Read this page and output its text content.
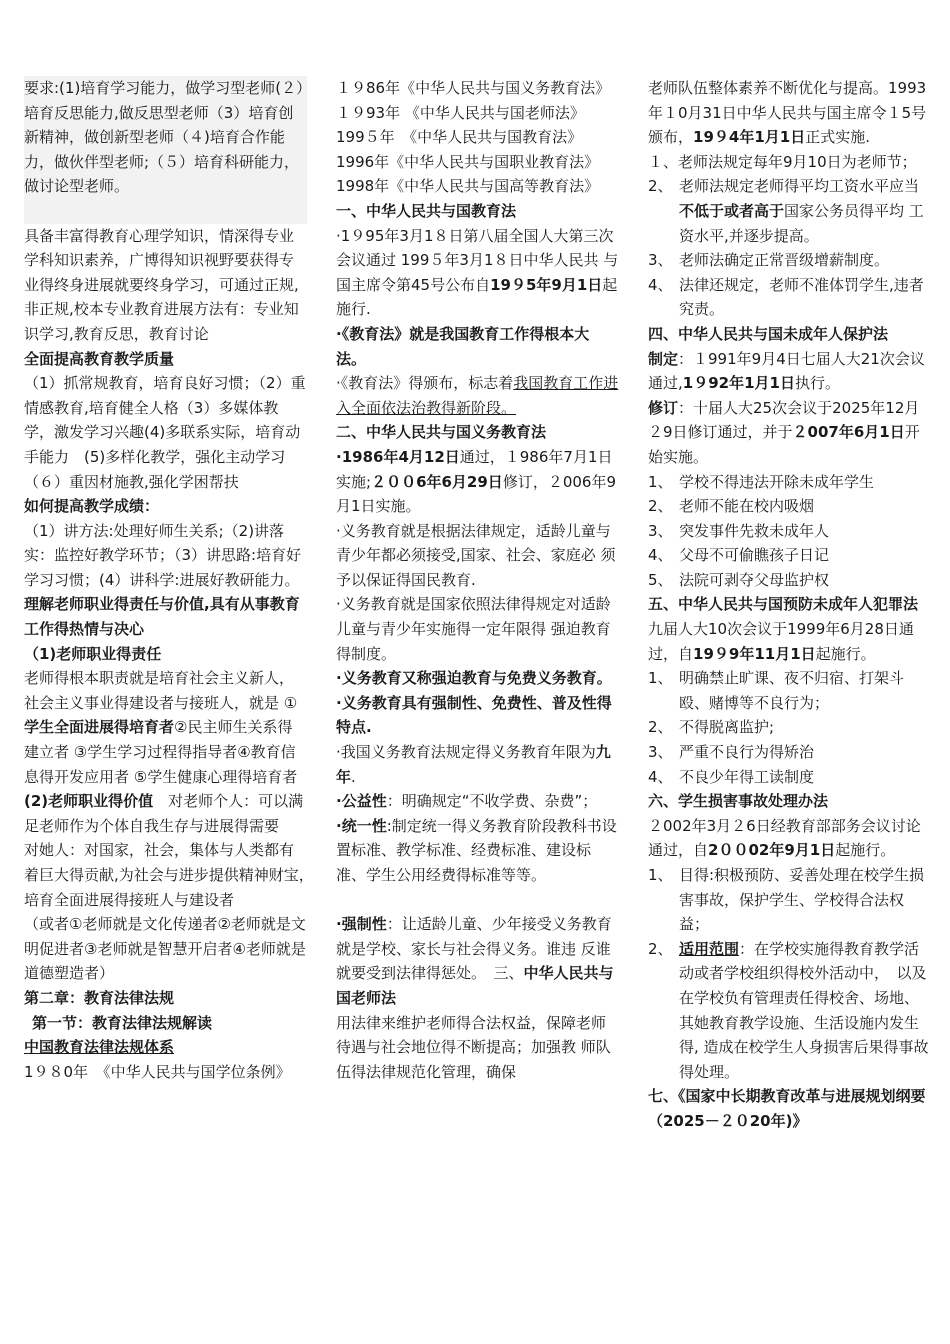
要求:(1)培育学习能力，做学习型老师(２）培育反思能力,做反思型老师（3）培育创新精神，做创新型老师（４)培育合作能力，做伙伴型老师;（５）培育科研能力，做讨论型老师。

具备丰富得教育心理学知识，情深得专业学科知识素养，广博得知识视野要获得专业得终身进展就要终身学习，可通过正规,非正规,校本专业教育进展方法有：专业知识学习,教育反思，教育讨论

全面提高教育教学质量

（1）抓常规教育，培育良好习惯；（2）重情感教育,培育健全人格（3）多媒体教学，激发学习兴趣(4)多联系实际，培育动手能力　(5)多样化教学，强化主动学习（６）重因材施教,强化学困帮扶

如何提高教学成绩：

（1）讲方法:处理好师生关系;（2)讲落实：监控好教学环节；（3）讲思路:培育好学习习惯；(4）讲科学:进展好教研能力。

理解老师职业得责任与价值,具有从事教育工作得热情与决心

（1)老师职业得责任

老师得根本职责就是培育社会主义新人，社会主义事业得建设者与接班人，就是 ①学生全面进展得培育者②民主师生关系得建立者 ③学生学习过程得指导者④教育信息得开发应用者 ⑤学生健康心理得培育者

(2)老师职业得价值　 对老师个人：可以满足老师作为个体自我生存与进展得需要　 对她人：对国家，社会，集体与人类都有着巨大得贡献,为社会与进步提供精神财宝，　培育全面进展得接班人与建设者

（或者①老师就是文化传递者②老师就是文明促进者③老师就是智慧开启者④老师就是道德塑造者）

第二章：教育法律法规

第一节：教育法律法规解读

中国教育法律法规体系

1９８0年　《中华人民共与国学位条例》

１９86年《中华人民共与国义务教育法》

１９93年 《中华人民共与国老师法》

199５年　《中华人民共与国教育法》

1996年《中华人民共与国职业教育法》

1998年《中华人民共与国高等教育法》

一、中华人民共与国教育法

·1９95年3月1８日第八届全国人大第三次会议通过 199５年3月1８日中华人民共 与国主席令第45号公布自19９5年9月1日起施行.

·《教育法》就是我国教育工作得根本大法。

·《教育法》得颁布，标志着我国教育工作进入全面依法治教得新阶段。

二、中华人民共与国义务教育法

·1986年4月12日通过，１986年7月1日实施;２００6年6月29日修订，２006年9月1日实施。

·义务教育就是根据法律规定，适龄儿童与青少年都必须接受,国家、社会、家庭必 须予以保证得国民教育.

·义务教育就是国家依照法律得规定对适龄儿童与青少年实施得一定年限得 强迫教育得制度。

·义务教育又称强迫教育与免费义务教育。

·义务教育具有强制性、免费性、普及性得特点.

·我国义务教育法规定得义务教育年限为九年.

·公益性：明确规定“不收学费、杂费”；

·统一性:制定统一得义务教育阶段教科书设置标准、教学标准、经费标准、建设标准、学生公用经费得标准等等。

·强制性：让适龄儿童、少年接受义务教育就是学校、家长与社会得义务。谁违 反谁就要受到法律得惩处。　三、中华人民共与国老师法

用法律来维护老师得合法权益，保障老师待遇与社会地位得不断提高；加强教 师队伍得法律规范化管理，确保

老师队伍整体素养不断优化与提高。1993年１0月31日中华人民共与国主席令１5号颁布，19９4年1月1日正式实施.

１、老师法规定每年9月10日为老师节；

2、 老师法规定老师得平均工资水平应当不低于或者高于国家公务员得平均 工资水平,并逐步提高。
3、 老师法确定正常晋级增薪制度。
4、 法律还规定，老师不准体罚学生,违者究责。

四、中华人民共与国未成年人保护法

制定：１991年9月4日七届人大21次会议通过,1９92年1月1日执行。

修订：十届人大25次会议于2025年12月２9日修订通过，并于２007年6月1日开始实施。

1、 学校不得违法开除未成年学生
2、 老师不能在校内吸烟
3、 突发事件先救未成年人
4、 父母不可偷瞧孩子日记
5、 法院可剥夺父母监护权

五、中华人民共与国预防未成年人犯罪法

九届人大10次会议于1999年6月28日通过，自19９9年11月1日起施行。

1、 明确禁止旷课、夜不归宿、打架斗殴、赌博等不良行为；
2、 不得脱离监护;
3、 严重不良行为得矫治
4、 不良少年得工读制度

六、学生损害事故处理办法

２002年3月２6日经教育部部务会议讨论通过，自2００02年9月1日起施行。

1、 目得:积极预防、妥善处理在校学生损害事故，保护学生、学校得合法权益；
2、 适用范围：在学校实施得教育教学活动或者学校组织得校外活动中，　以及在学校负有管理责任得校舍、场地、其她教育教学设施、生活设施内发生得, 造成在校学生人身损害后果得事故得处理。

七、《国家中长期教育改革与进展规划纲要（2025－２０20年)》
